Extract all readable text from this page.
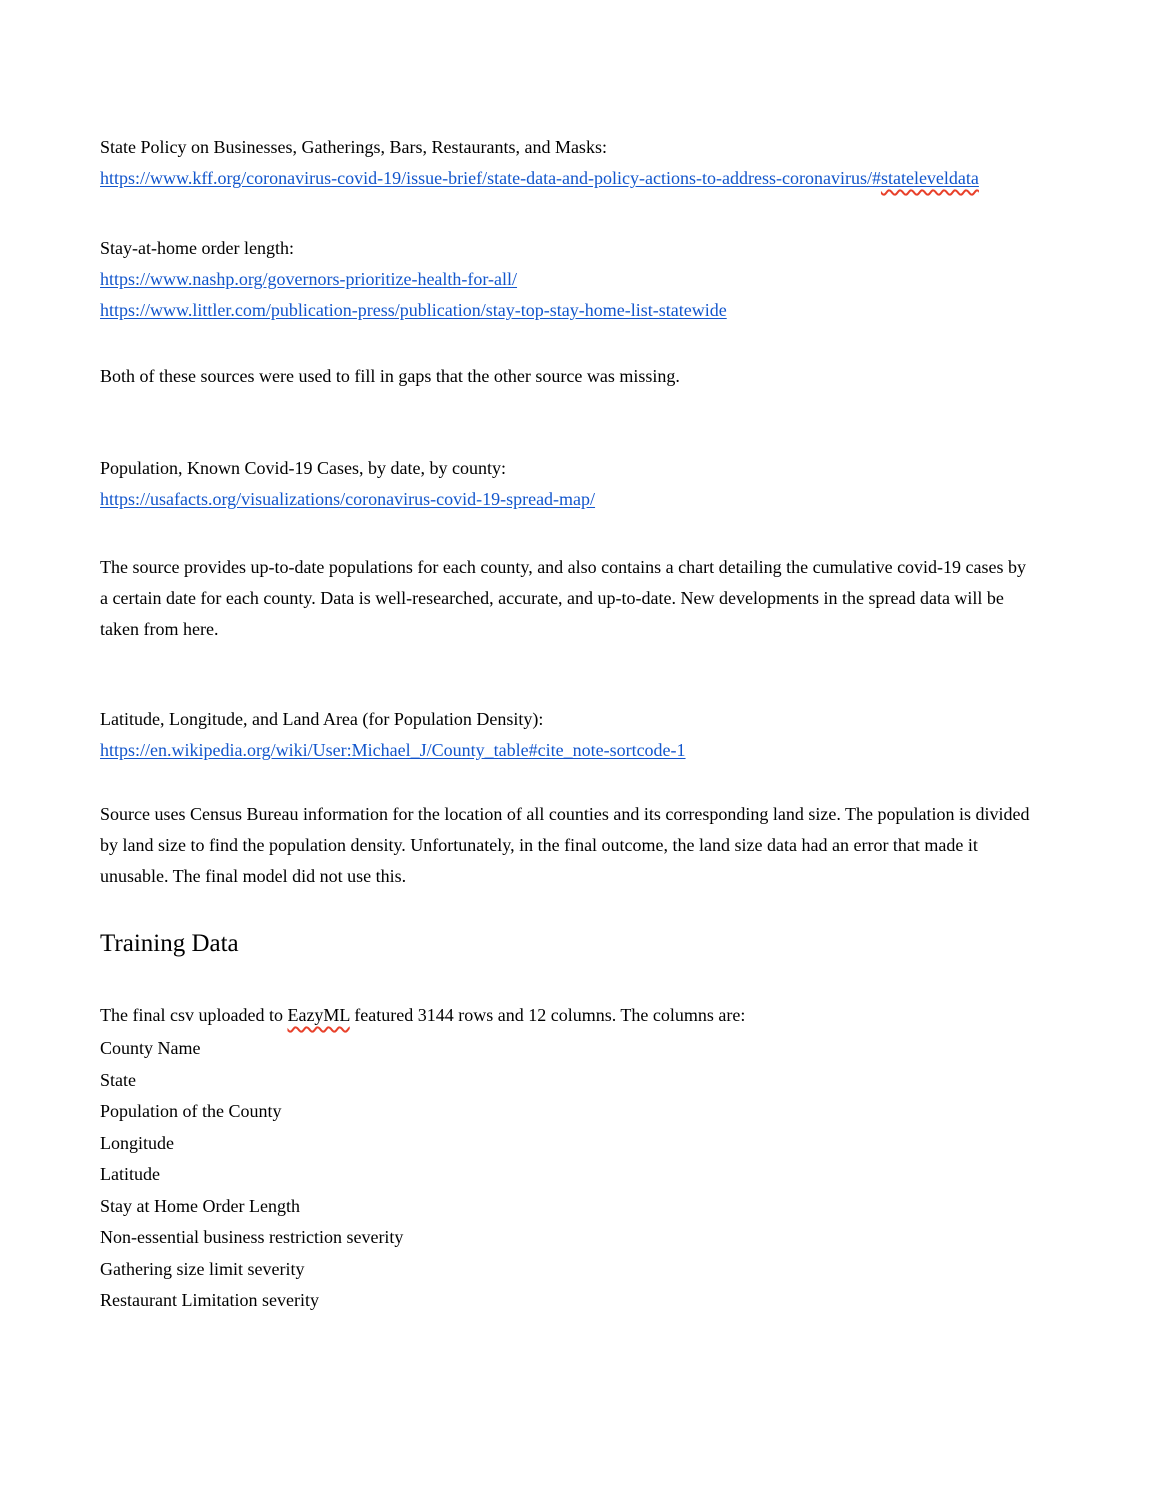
State Policy on Businesses, Gatherings, Bars, Restaurants, and Masks:

https://www.kff.org/coronavirus-covid-19/issue-brief/state-data-and-policy-actions-to-address-coronavirus/#stateleveldata

Stay-at-home order length:

https://www.nashp.org/governors-prioritize-health-for-all/

https://www.littler.com/publication-press/publication/stay-top-stay-home-list-statewide

Both of these sources were used to fill in gaps that the other source was missing.

Population, Known Covid-19 Cases, by date, by county:

https://usafacts.org/visualizations/coronavirus-covid-19-spread-map/

The source provides up-to-date populations for each county, and also contains a chart detailing the cumulative covid-19 cases by a certain date for each county. Data is well-researched, accurate, and up-to-date. New developments in the spread data will be taken from here.

Latitude, Longitude, and Land Area (for Population Density):

https://en.wikipedia.org/wiki/User:Michael_J/County_table#cite_note-sortcode-1

Source uses Census Bureau information for the location of all counties and its corresponding land size. The population is divided by land size to find the population density. Unfortunately, in the final outcome, the land size data had an error that made it unusable. The final model did not use this.

Training Data

The final csv uploaded to EazyML featured 3144 rows and 12 columns. The columns are:

County Name
State
Population of the County
Longitude
Latitude
Stay at Home Order Length
Non-essential business restriction severity
Gathering size limit severity
Restaurant Limitation severity
